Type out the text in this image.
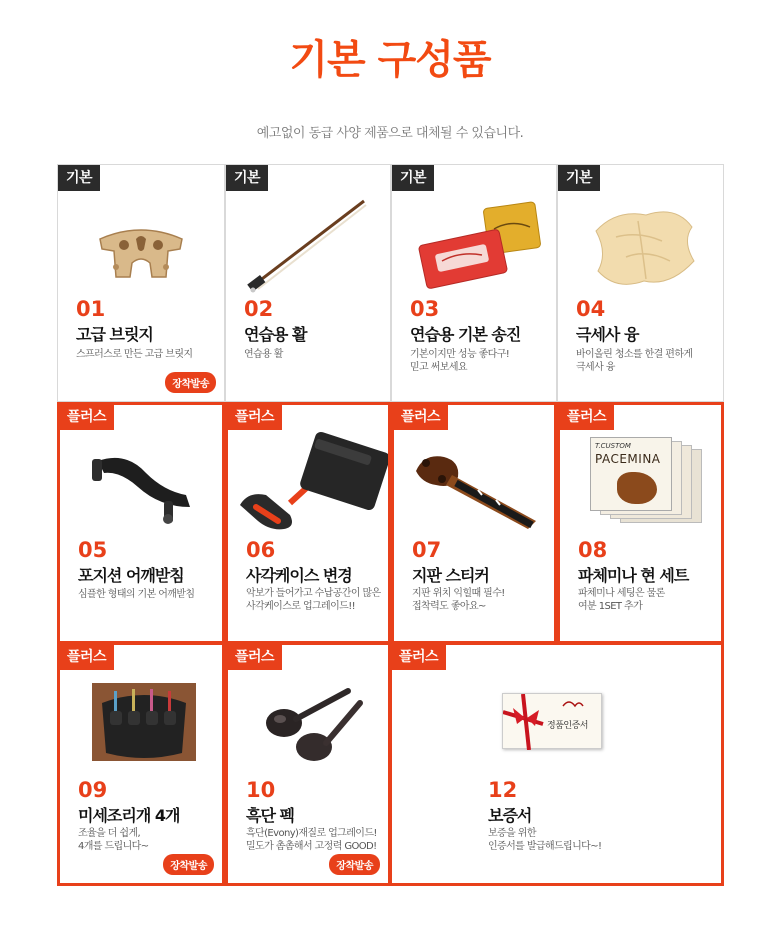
기본 구성품
예고없이 동급 사양 제품으로 대체될 수 있습니다.
기본
01
고급 브릿지
스프러스로 만든 고급 브릿지
장착발송
기본
02
연습용 활
연습용 활
기본
03
연습용 기본 송진
기본이지만 성능 좋다구!
믿고 써보세요
기본
04
극세사 융
바이올린 청소를 한결 편하게
극세사 융
플러스
05
포지션 어깨받침
심플한 형태의 기본 어깨받침
플러스
06
사각케이스 변경
악보가 들어가고 수납공간이 많은
사각케이스로 업그레이드!!
플러스
07
지판 스티커
지판 위치 익힐때 필수!
접착력도 좋아요~
플러스
T.CUSTOM
PACEMINA
08
파체미나 현 세트
파체미나 세팅은 물론
여분 1SET 추가
플러스
09
미세조리개 4개
조율을 더 쉽게,
4개를 드립니다~
장착발송
플러스
10
흑단 펙
흑단(Evony)재질로 업그레이드!
밀도가 촘촘해서 고정력 GOOD!
장착발송
플러스
정품인증서
12
보증서
보증을 위한
인증서를 발급해드립니다~!
